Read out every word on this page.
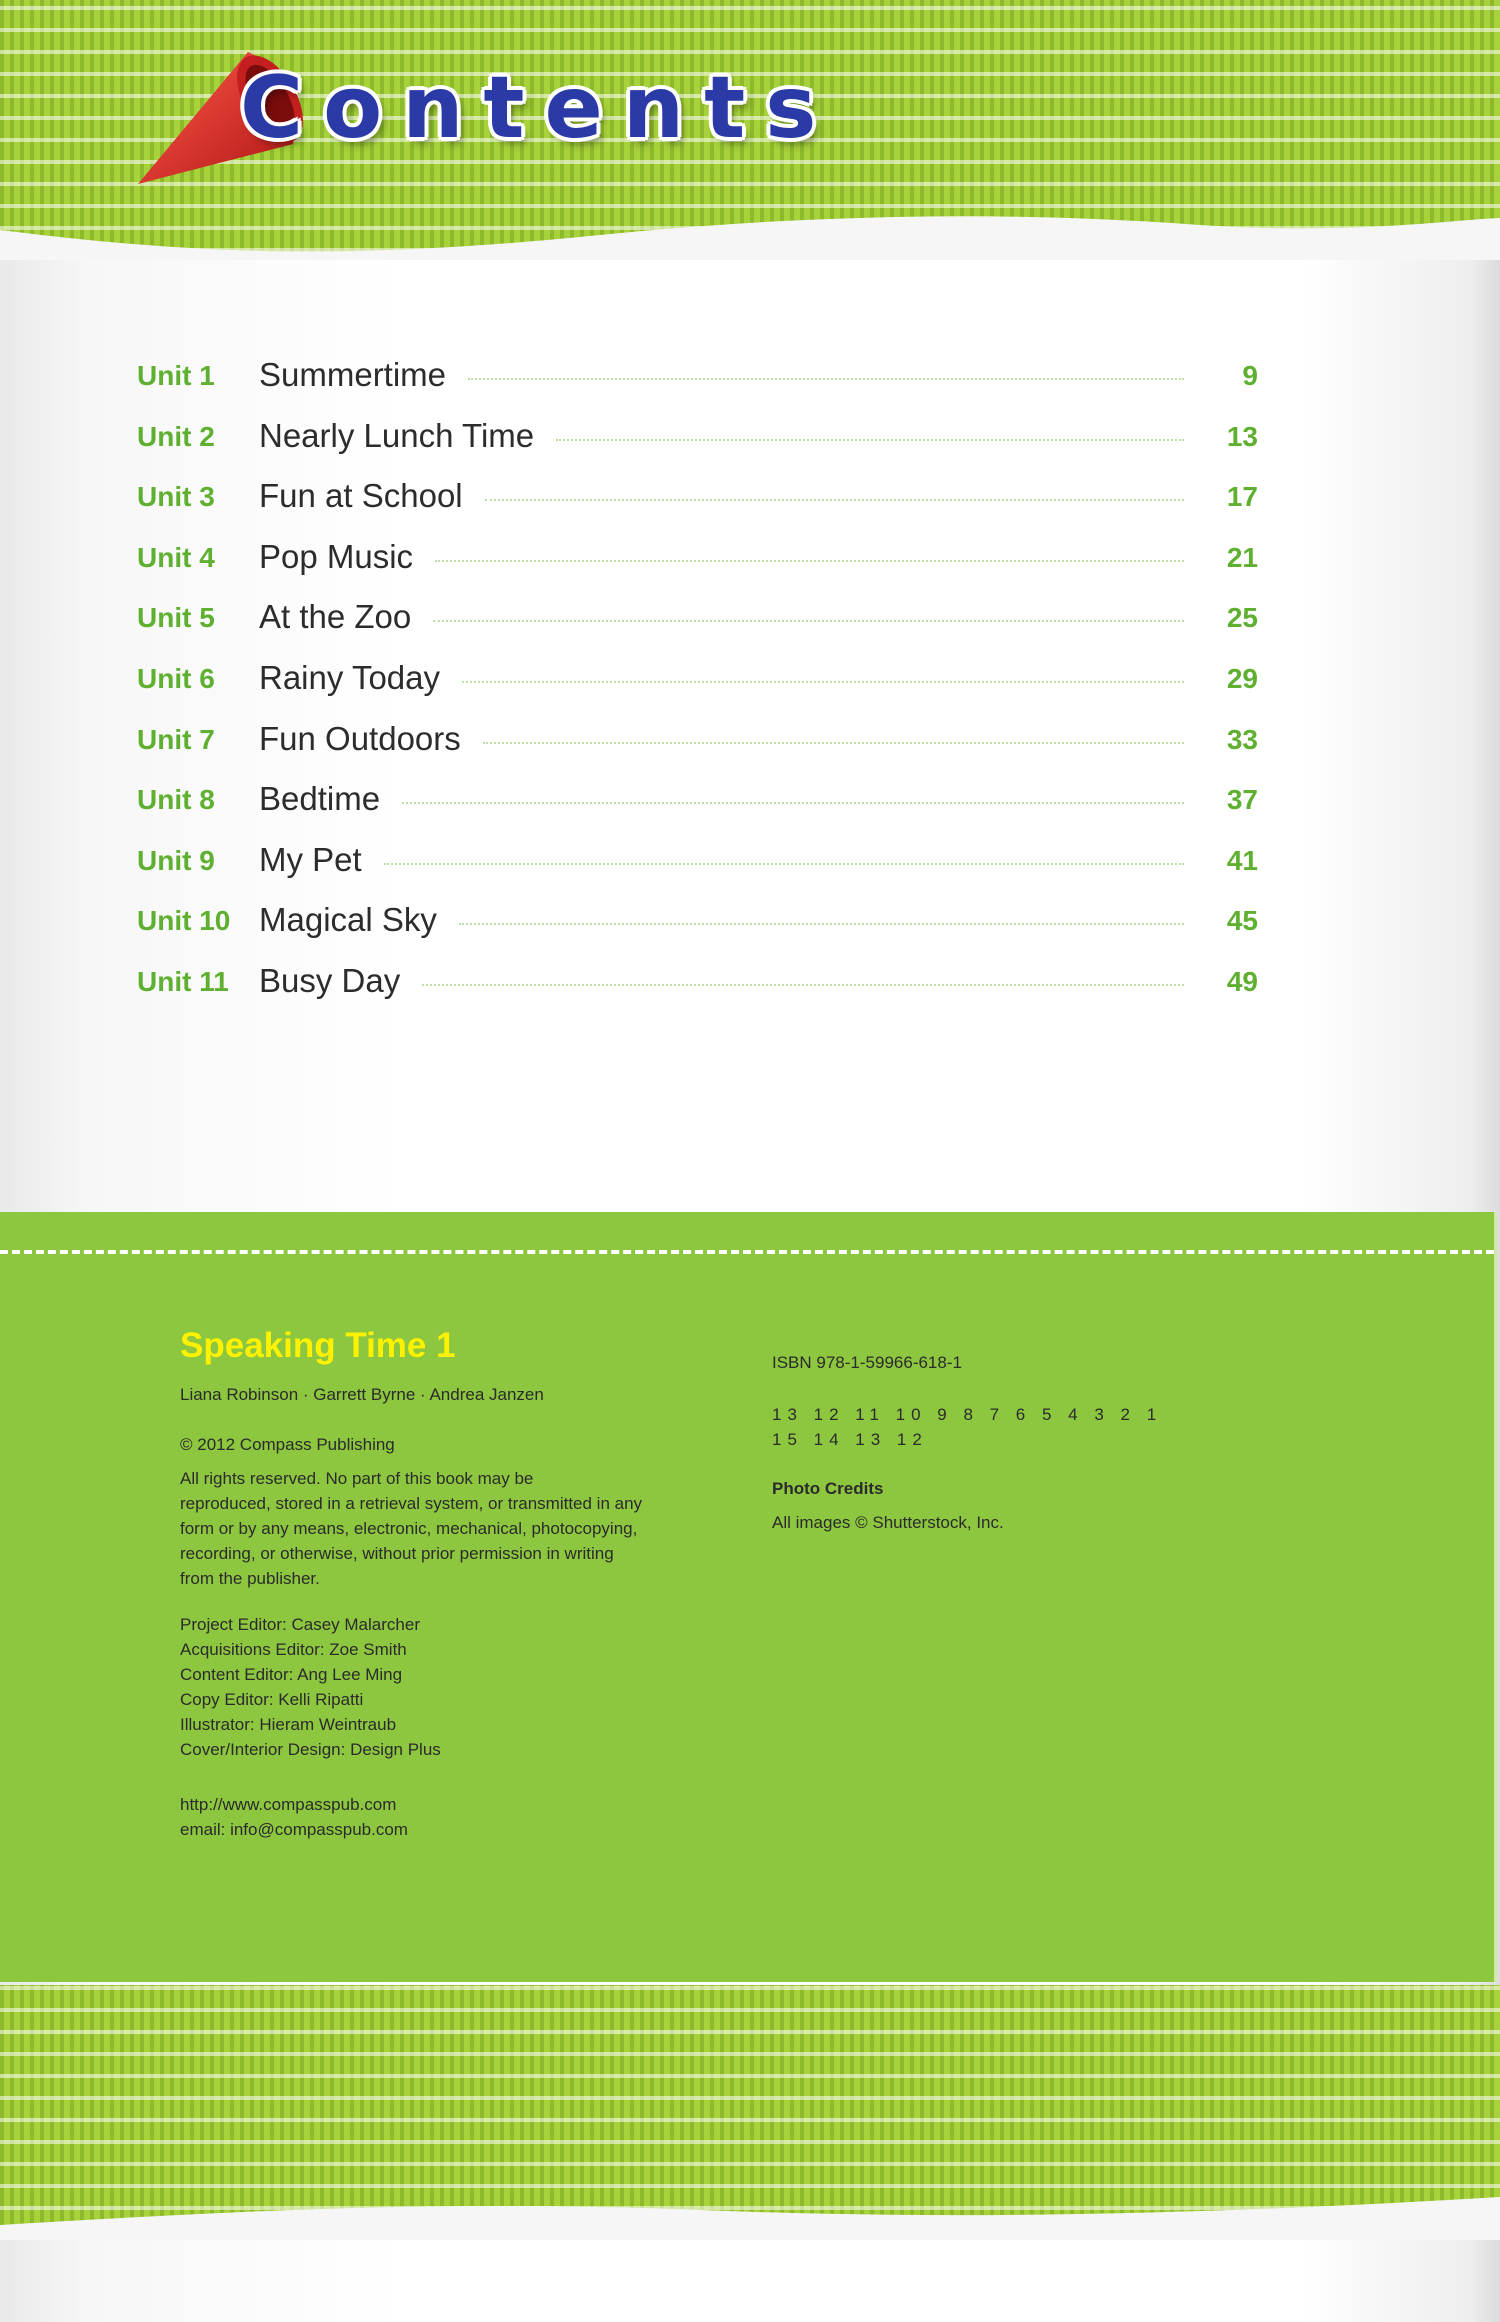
Contents
Unit 1 Summertime	9
Unit 2 Nearly Lunch Time	13
Unit 3 Fun at School	17
Unit 4 Pop Music	21
Unit 5 At the Zoo	25
Unit 6 Rainy Today	29
Unit 7 Fun Outdoors	33
Unit 8 Bedtime	37
Unit 9 My Pet	41
Unit 10 Magical Sky	45
Unit 11 Busy Day	49
Speaking Time 1
Liana Robinson · Garrett Byrne · Andrea Janzen
© 2012 Compass Publishing
All rights reserved. No part of this book may be
reproduced, stored in a retrieval system, or transmitted in any
form or by any means, electronic, mechanical, photocopying,
recording, or otherwise, without prior permission in writing
from the publisher.
Project Editor: Casey Malarcher
Acquisitions Editor: Zoe Smith
Content Editor: Ang Lee Ming
Copy Editor: Kelli Ripatti
Illustrator: Hieram Weintraub
Cover/Interior Design: Design Plus
http://www.compasspub.com
email: info@compasspub.com
ISBN 978-1-59966-618-1
13 12 11 10 9 8 7 6 5 4 3 2 1
15 14 13 12
Photo Credits
All images © Shutterstock, Inc.
